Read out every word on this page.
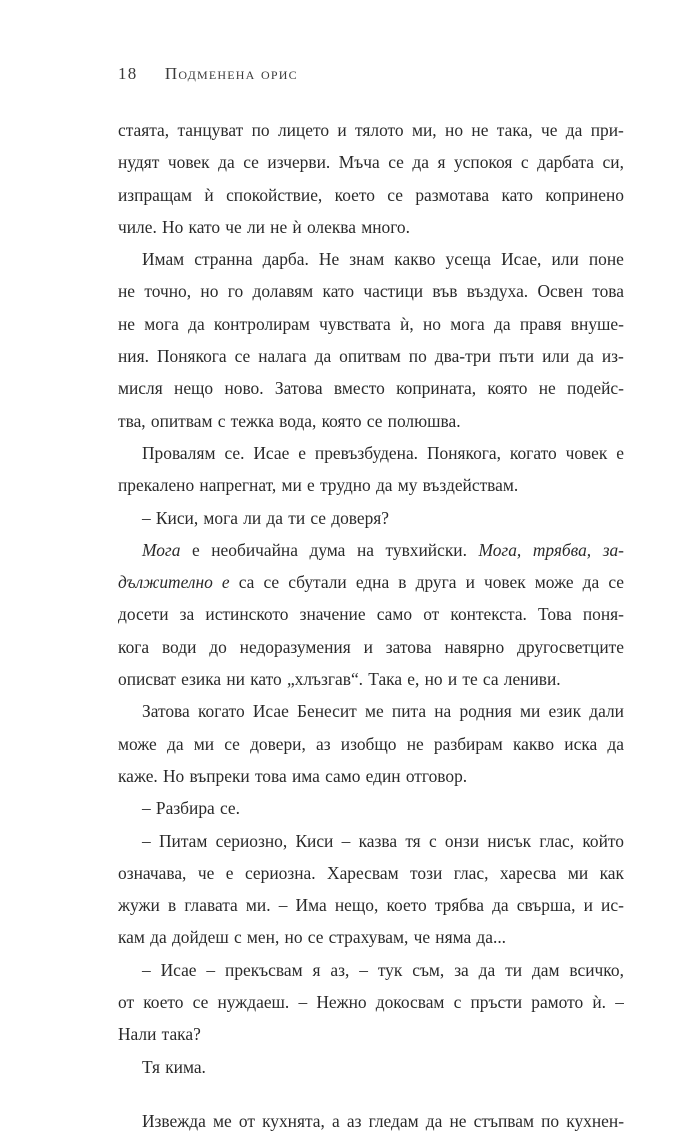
18 Подменена орис
стаята, танцуват по лицето и тялото ми, но не така, че да при-
нудят човек да се изчерви. Мъча се да я успокоя с дарбата си,
изпращам ѝ спокойствие, което се размотава като копринено
чиле. Но като че ли не ѝ олеква много.
Имам странна дарба. Не знам какво усеща Исае, или поне
не точно, но го долавям като частици във въздуха. Освен това
не мога да контролирам чувствата ѝ, но мога да правя внуше-
ния. Понякога се налага да опитвам по два-три пъти или да из-
мисля нещо ново. Затова вместо коприната, която не подейс-
тва, опитвам с тежка вода, която се полюшва.
Провалям се. Исае е превъзбудена. Понякога, когато човек е
прекалено напрегнат, ми е трудно да му въздействам.
– Киси, мога ли да ти се доверя?
Мога е необичайна дума на тувхийски. Мога, трябва, за-
дължително е са се сбутали една в друга и човек може да се
досети за истинското значение само от контекста. Това поня-
кога води до недоразумения и затова навярно другосветците
описват езика ни като „хлъзгав“. Така е, но и те са лениви.
Затова когато Исае Бенесит ме пита на родния ми език дали
може да ми се довери, аз изобщо не разбирам какво иска да
каже. Но въпреки това има само един отговор.
– Разбира се.
– Питам сериозно, Киси – казва тя с онзи нисък глас, който
означава, че е сериозна. Харесвам този глас, харесва ми как
жужи в главата ми. – Има нещо, което трябва да свърша, и ис-
кам да дойдеш с мен, но се страхувам, че няма да...
– Исае – прекъсвам я аз, – тук съм, за да ти дам всичко,
от което се нуждаеш. – Нежно докосвам с пръсти рамото ѝ. –
Нали така?
Тя кима.
Извежда ме от кухнята, а аз гледам да не стъпвам по кухнен-
